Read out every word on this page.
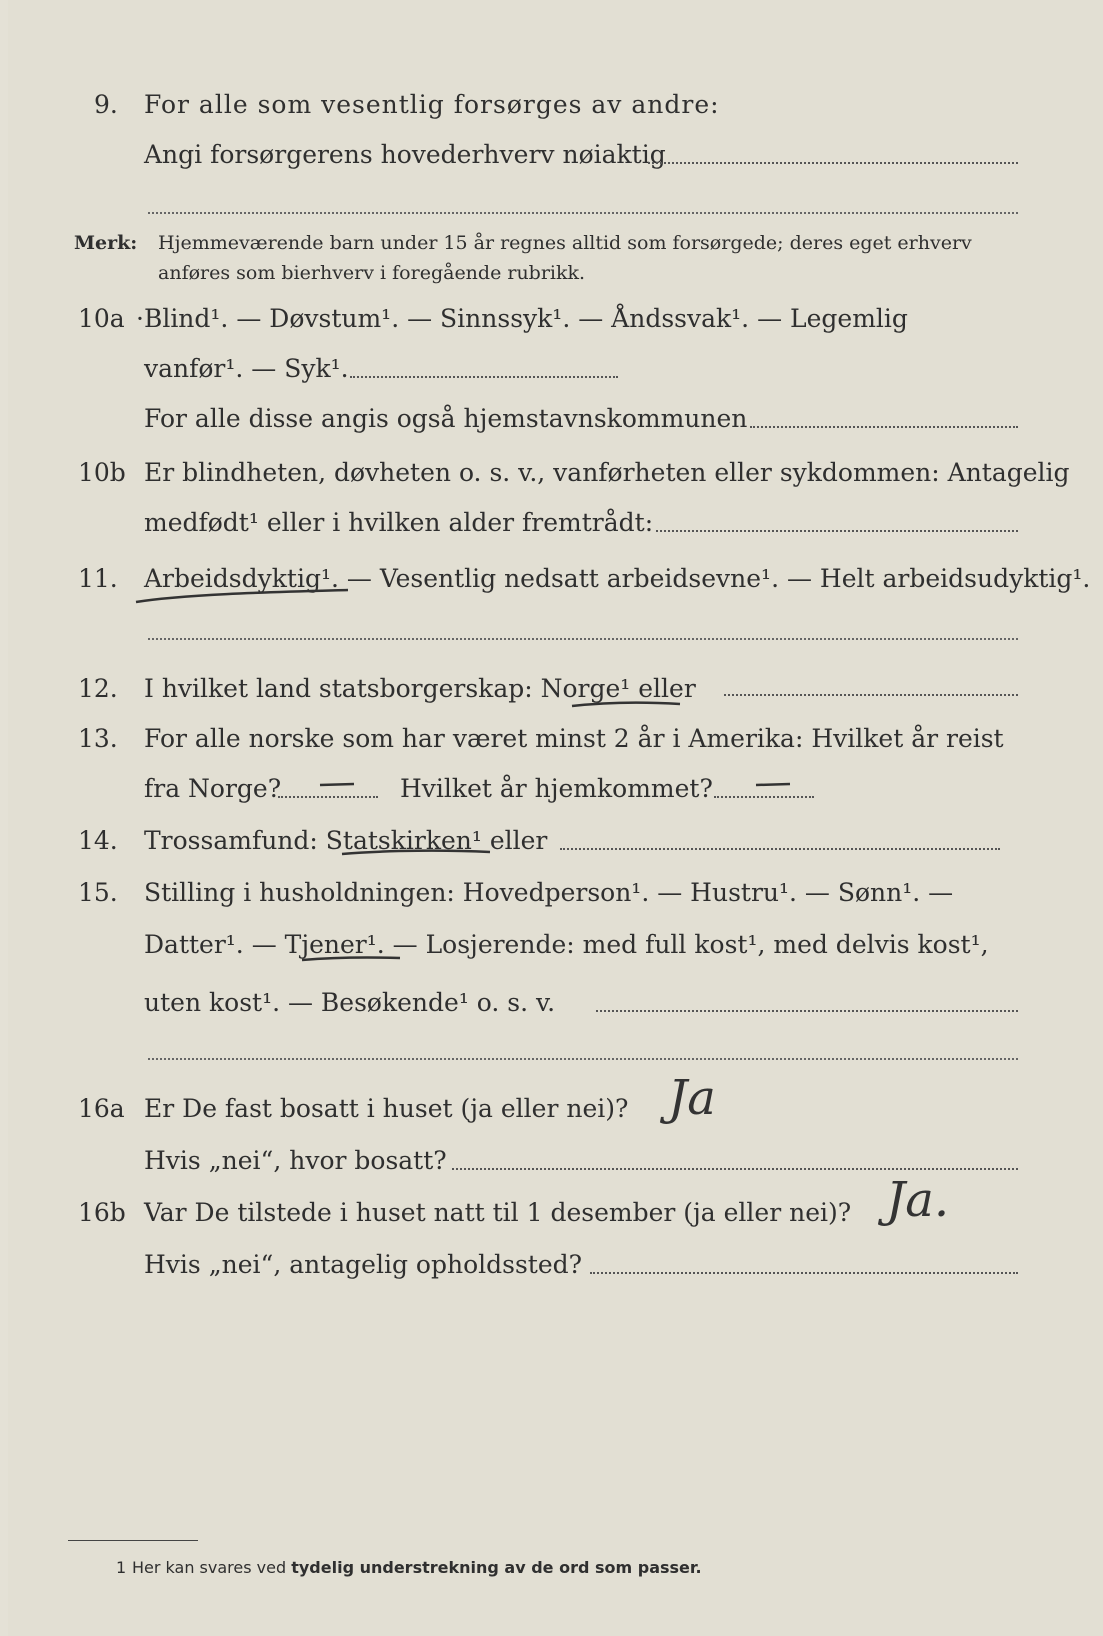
9. For alle som vesentlig forsørges av andre:
Angi forsørgerens hovederhverv nøiaktig
Merk: Hjemmeværende barn under 15 år regnes alltid som forsørgede; deres eget erhverv
anføres som bierhverv i foregående rubrikk.
10a ·Blind¹. — Døvstum¹. — Sinnssyk¹. — Åndssvak¹. — Legemlig
vanfør¹. — Syk¹.
For alle disse angis også hjemstavnskommunen
10b Er blindheten, døvheten o. s. v., vanførheten eller sykdommen: Antagelig
medfødt¹ eller i hvilken alder fremtrådt:
11. Arbeidsdyktig¹. — Vesentlig nedsatt arbeidsevne¹. — Helt arbeidsudyktig¹.
12. I hvilket land statsborgerskap: Norge¹ eller
13. For alle norske som har været minst 2 år i Amerika: Hvilket år reist
fra Norge?	Hvilket år hjemkommet?
14. Trossamfund: Statskirken¹ eller
15. Stilling i husholdningen: Hovedperson¹. — Hustru¹. — Sønn¹. —
Datter¹. — Tjener¹. — Losjerende: med full kost¹, med delvis kost¹,
uten kost¹. — Besøkende¹ o. s. v.
16a Er De fast bosatt i huset (ja eller nei)? Ja
Hvis „nei“, hvor bosatt?
16b Var De tilstede i huset natt til 1 desember (ja eller nei)? Ja.
Hvis „nei“, antagelig opholdssted?
1 Her kan svares ved tydelig understrekning av de ord som passer.
